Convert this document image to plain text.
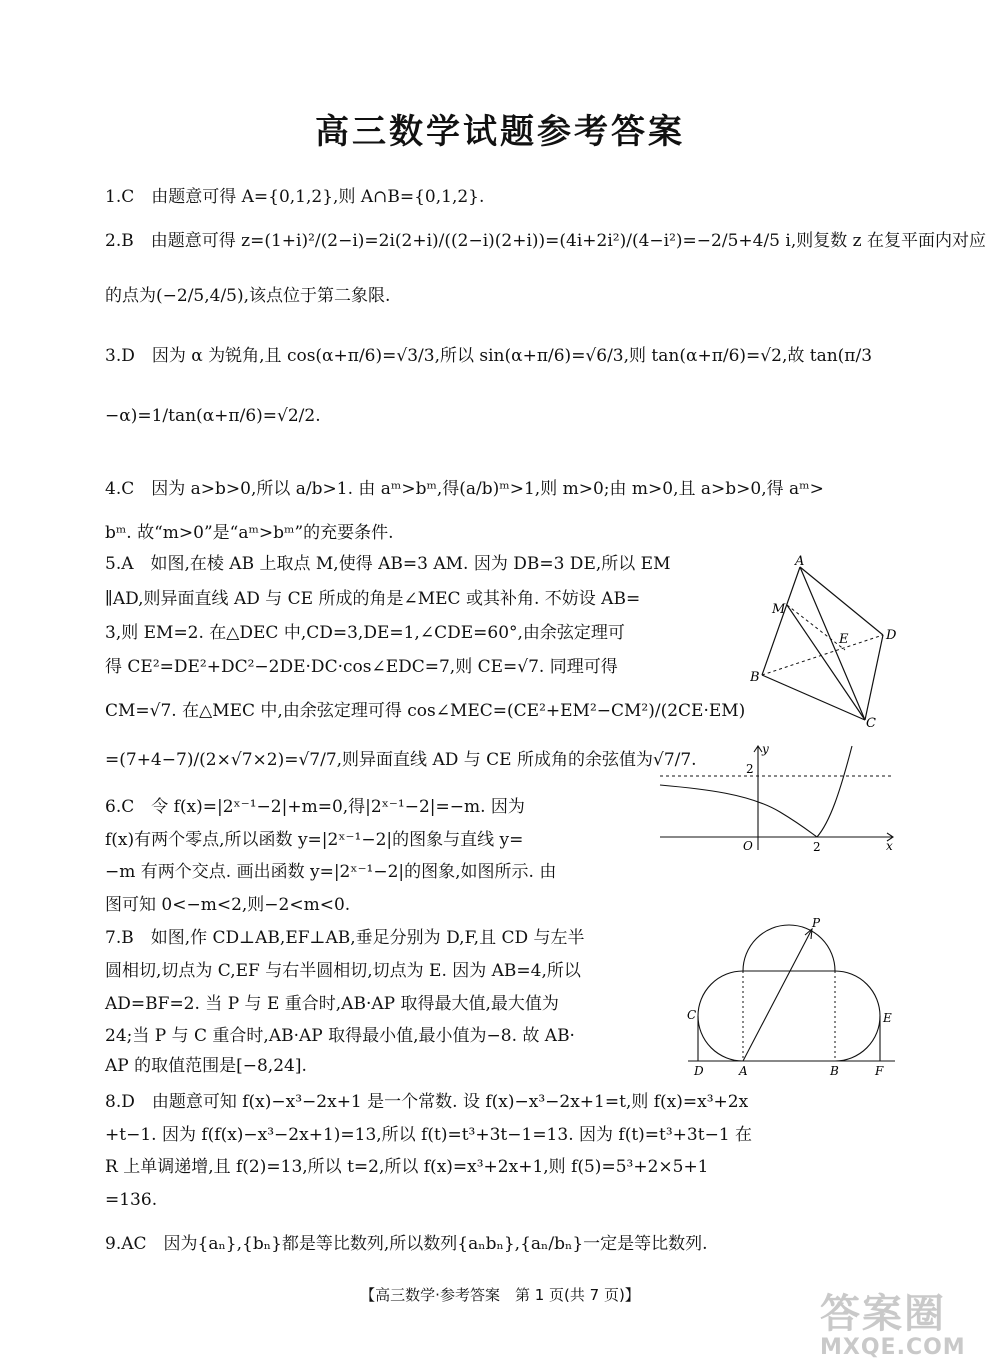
高三数学试题参考答案
1.C　由题意可得 A={0,1,2},则 A∩B={0,1,2}.
2.B　由题意可得 z=(1+i)²/(2−i)=2i(2+i)/((2−i)(2+i))=(4i+2i²)/(4−i²)=−2/5+4/5 i,则复数 z 在复平面内对应
的点为(−2/5,4/5),该点位于第二象限.
3.D　因为 α 为锐角,且 cos(α+π/6)=√3/3,所以 sin(α+π/6)=√6/3,则 tan(α+π/6)=√2,故 tan(π/3
−α)=1/tan(α+π/6)=√2/2.
4.C　因为 a>b>0,所以 a/b>1. 由 aᵐ>bᵐ,得(a/b)ᵐ>1,则 m>0;由 m>0,且 a>b>0,得 aᵐ>
bᵐ. 故“m>0”是“aᵐ>bᵐ”的充要条件.
5.A　如图,在棱 AB 上取点 M,使得 AB=3 AM. 因为 DB=3 DE,所以 EM
∥AD,则异面直线 AD 与 CE 所成的角是∠MEC 或其补角. 不妨设 AB=
3,则 EM=2. 在△DEC 中,CD=3,DE=1,∠CDE=60°,由余弦定理可
得 CE²=DE²+DC²−2DE·DC·cos∠EDC=7,则 CE=√7. 同理可得
CM=√7. 在△MEC 中,由余弦定理可得 cos∠MEC=(CE²+EM²−CM²)/(2CE·EM)
=(7+4−7)/(2×√7×2)=√7/7,则异面直线 AD 与 CE 所成角的余弦值为√7/7.
6.C　令 f(x)=|2ˣ⁻¹−2|+m=0,得|2ˣ⁻¹−2|=−m. 因为
f(x)有两个零点,所以函数 y=|2ˣ⁻¹−2|的图象与直线 y=
−m 有两个交点. 画出函数 y=|2ˣ⁻¹−2|的图象,如图所示. 由
图可知 0<−m<2,则−2<m<0.
7.B　如图,作 CD⊥AB,EF⊥AB,垂足分别为 D,F,且 CD 与左半
圆相切,切点为 C,EF 与右半圆相切,切点为 E. 因为 AB=4,所以
AD=BF=2. 当 P 与 E 重合时,AB·AP 取得最大值,最大值为
24;当 P 与 C 重合时,AB·AP 取得最小值,最小值为−8. 故 AB·
AP 的取值范围是[−8,24].
8.D　由题意可知 f(x)−x³−2x+1 是一个常数. 设 f(x)−x³−2x+1=t,则 f(x)=x³+2x
+t−1. 因为 f(f(x)−x³−2x+1)=13,所以 f(t)=t³+3t−1=13. 因为 f(t)=t³+3t−1 在
R 上单调递增,且 f(2)=13,所以 t=2,所以 f(x)=x³+2x+1,则 f(5)=5³+2×5+1
=136.
9.AC　因为{aₙ},{bₙ}都是等比数列,所以数列{aₙbₙ},{aₙ/bₙ}一定是等比数列.
A
M
E	D
B
C
y
2
O	2	x
P
C	E
D	A	B	F
【高三数学·参考答案　第 1 页(共 7 页)】	答案圈
MXQE.COM
